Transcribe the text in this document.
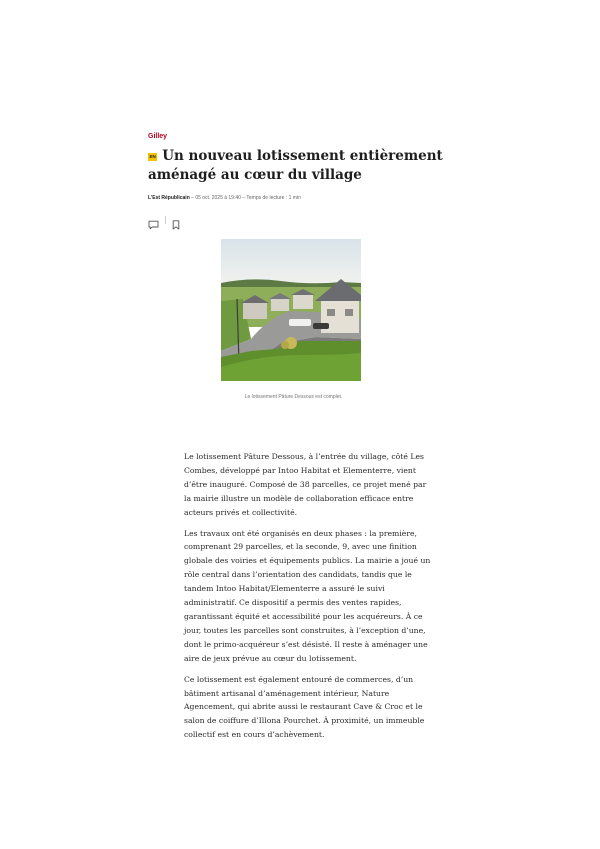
Gilley
EN Un nouveau lotissement entièrement aménagé au cœur du village
L'Est Républicain – 05 oct. 2025 à 19:40 – Temps de lecture : 1 min
Le lotissement Pâture Dessous est complet.

Le lotissement Pâture Dessous, à l’entrée du village, côté Les Combes, développé par Intoo Habitat et Elementerre, vient d’être inauguré. Composé de 38 parcelles, ce projet mené par la mairie illustre un modèle de collaboration efficace entre acteurs privés et collectivité.

Les travaux ont été organisés en deux phases : la première, comprenant 29 parcelles, et la seconde, 9, avec une finition globale des voiries et équipements publics. La mairie a joué un rôle central dans l’orientation des candidats, tandis que le tandem Intoo Habitat/Elementerre a assuré le suivi administratif. Ce dispositif a permis des ventes rapides, garantissant équité et accessibilité pour les acquéreurs. À ce jour, toutes les parcelles sont construites, à l’exception d’une, dont le primo-acquéreur s’est désisté. Il reste à aménager une aire de jeux prévue au cœur du lotissement.

Ce lotissement est également entouré de commerces, d’un bâtiment artisanal d’aménagement intérieur, Nature Agencement, qui abrite aussi le restaurant Cave & Croc et le salon de coiffure d’Illona Pourchet. À proximité, un immeuble collectif est en cours d’achèvement.
